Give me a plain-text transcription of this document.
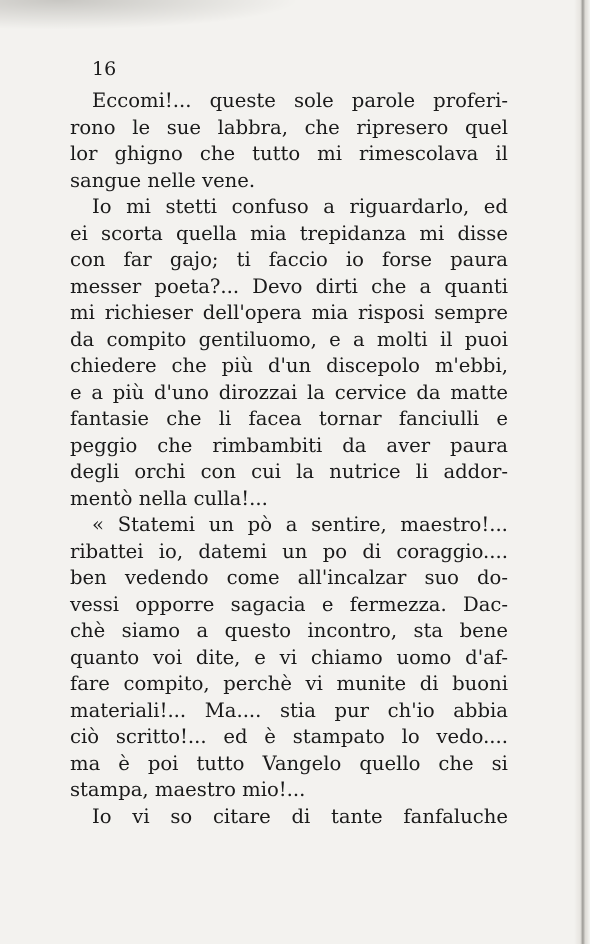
16
Eccomi!... queste sole parole proferi-
rono le sue labbra, che ripresero quel
lor ghigno che tutto mi rimescolava il
sangue nelle vene.
Io mi stetti confuso a riguardarlo, ed
ei scorta quella mia trepidanza mi disse
con far gajo; ti faccio io forse paura
messer poeta?... Devo dirti che a quanti
mi richieser dell'opera mia risposi sempre
da compito gentiluomo, e a molti il puoi
chiedere che più d'un discepolo m'ebbi,
e a più d'uno dirozzai la cervice da matte
fantasie che li facea tornar fanciulli e
peggio che rimbambiti da aver paura
degli orchi con cui la nutrice li addor-
mentò nella culla!...
« Statemi un pò a sentire, maestro!...
ribattei io, datemi un po di coraggio....
ben vedendo come all'incalzar suo do-
vessi opporre sagacia e fermezza. Dac-
chè siamo a questo incontro, sta bene
quanto voi dite, e vi chiamo uomo d'af-
fare compito, perchè vi munite di buoni
materiali!... Ma.... stia pur ch'io abbia
ciò scritto!... ed è stampato lo vedo....
ma è poi tutto Vangelo quello che si
stampa, maestro mio!...
Io vi so citare di tante fanfaluche
